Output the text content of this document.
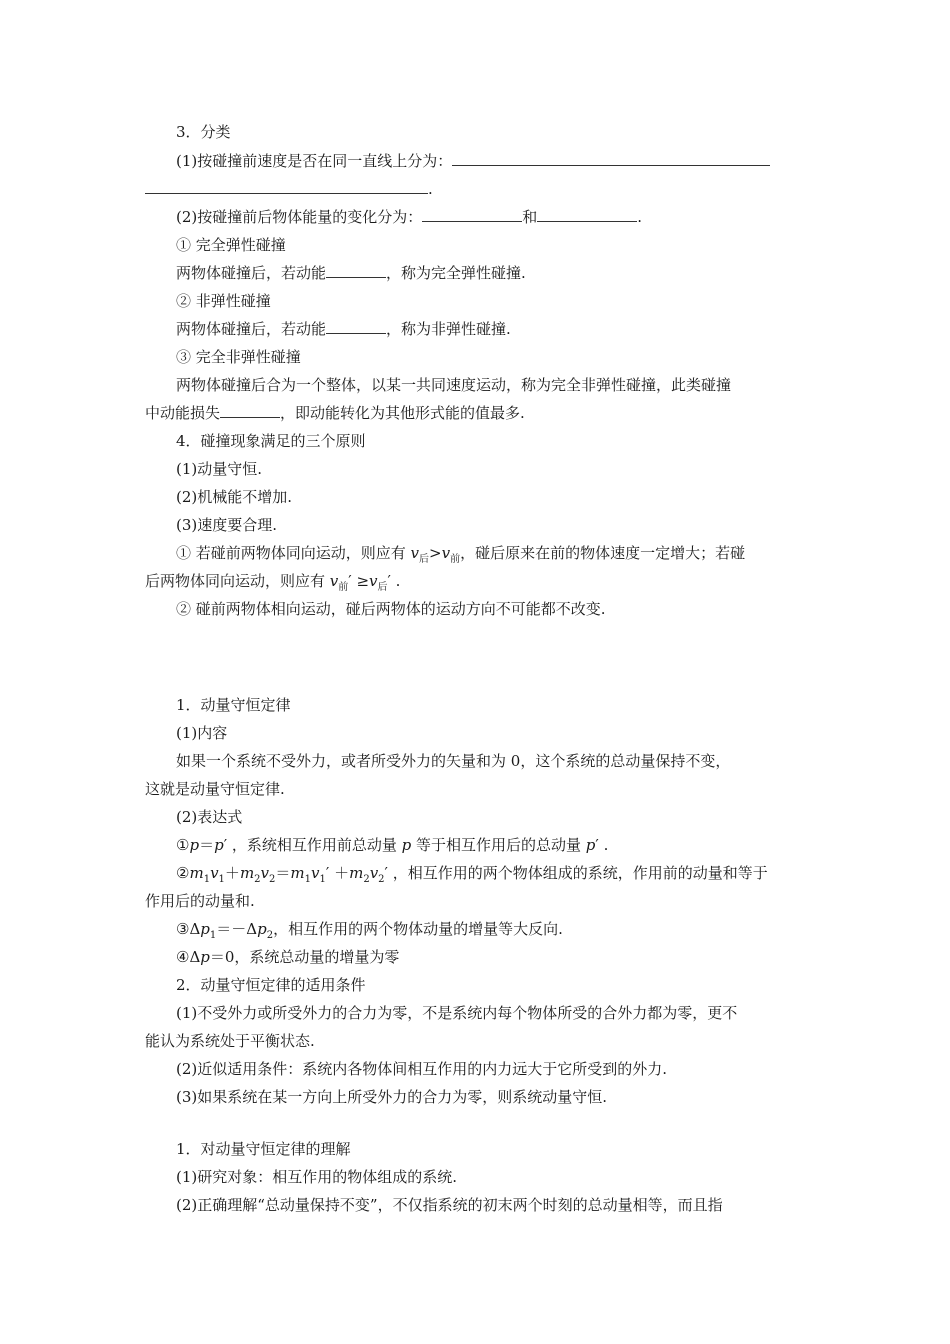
3．分类
(1)按碰撞前速度是否在同一直线上分为：
.
(2)按碰撞前后物体能量的变化分为：	和	.
① 完全弹性碰撞
两物体碰撞后，若动能	，称为完全弹性碰撞.
② 非弹性碰撞
两物体碰撞后，若动能	，称为非弹性碰撞.
③ 完全非弹性碰撞
两物体碰撞后合为一个整体，以某一共同速度运动，称为完全非弹性碰撞，此类碰撞
中动能损失	，即动能转化为其他形式能的值最多.
4．碰撞现象满足的三个原则
(1)动量守恒.
(2)机械能不增加.
(3)速度要合理.
① 若碰前两物体同向运动，则应有 $v_后>v_前$，碰后原来在前的物体速度一定增大；若碰
后两物体同向运动，则应有 $v_前' \ge v_后'$ .
② 碰前两物体相向运动，碰后两物体的运动方向不可能都不改变.
1．动量守恒定律
(1)内容
如果一个系统不受外力，或者所受外力的矢量和为 0，这个系统的总动量保持不变，
这就是动量守恒定律.
(2)表达式
①p＝p′ ，系统相互作用前总动量 p 等于相互作用后的总动量 p′ .
$②m_1v_1+m_2v_2=m_1v_1' +m_2v_2'$ ，相互作用的两个物体组成的系统，作用前的动量和等于
作用后的动量和.
$③\Delta p_1=-\Delta p_2$，相互作用的两个物体动量的增量等大反向.
④Δp＝0，系统总动量的增量为零
2．动量守恒定律的适用条件
(1)不受外力或所受外力的合力为零，不是系统内每个物体所受的合外力都为零，更不
能认为系统处于平衡状态.
(2)近似适用条件：系统内各物体间相互作用的内力远大于它所受到的外力.
(3)如果系统在某一方向上所受外力的合力为零，则系统动量守恒.
1．对动量守恒定律的理解
(1)研究对象：相互作用的物体组成的系统.
(2)正确理解“总动量保持不变”，不仅指系统的初末两个时刻的总动量相等，而且指
